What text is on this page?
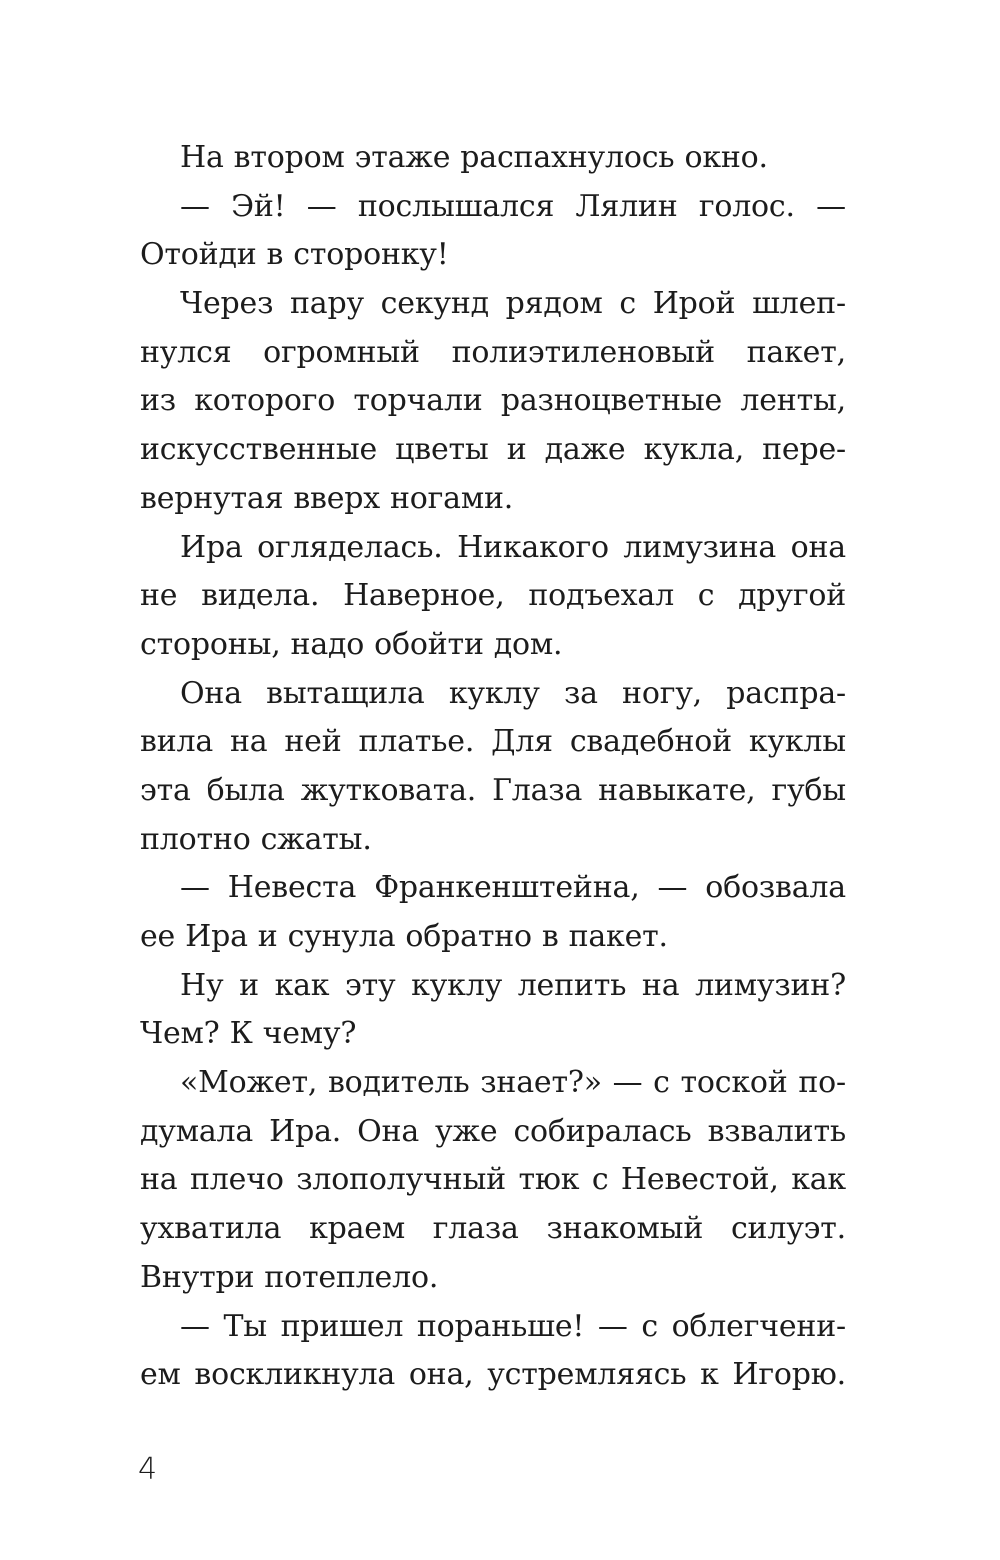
На втором этаже распахнулось окно.
— Эй! — послышался Лялин голос. —
Отойди в сторонку!
Через пару секунд рядом с Ирой шлеп-
нулся огромный полиэтиленовый пакет,
из которого торчали разноцветные ленты,
искусственные цветы и даже кукла, пере-
вернутая вверх ногами.
Ира огляделась. Никакого лимузина она
не видела. Наверное, подъехал с другой
стороны, надо обойти дом.
Она вытащила куклу за ногу, распра-
вила на ней платье. Для свадебной куклы
эта была жутковата. Глаза навыкате, губы
плотно сжаты.
— Невеста Франкенштейна, — обозвала
ее Ира и сунула обратно в пакет.
Ну и как эту куклу лепить на лимузин?
Чем? К чему?
«Может, водитель знает?» — с тоской по-
думала Ира. Она уже собиралась взвалить
на плечо злополучный тюк с Невестой, как
ухватила краем глаза знакомый силуэт.
Внутри потеплело.
— Ты пришел пораньше! — с облегчени-
ем воскликнула она, устремляясь к Игорю.
4
